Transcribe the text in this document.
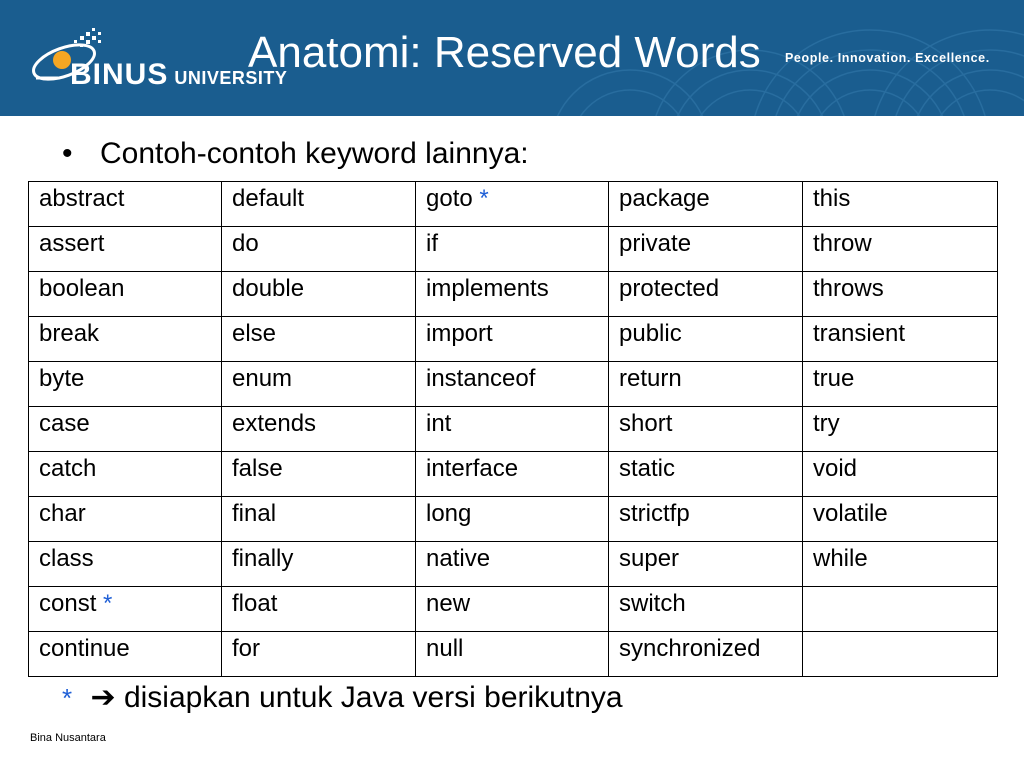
BINUS UNIVERSITY
Anatomi: Reserved Words People. Innovation. Excellence.
• Contoh-contoh keyword lainnya:
abstract	default	goto *	package	this
assert	do	if	private	throw
boolean	double	implements	protected	throws
break	else	import	public	transient
byte	enum	instanceof	return	true
case	extends	int	short	try
catch	false	interface	static	void
char	final	long	strictfp	volatile
class	finally	native	super	while
const *	float	new	switch	
continue	for	null	synchronized	
* ➔ disiapkan untuk Java versi berikutnya
Bina Nusantara
